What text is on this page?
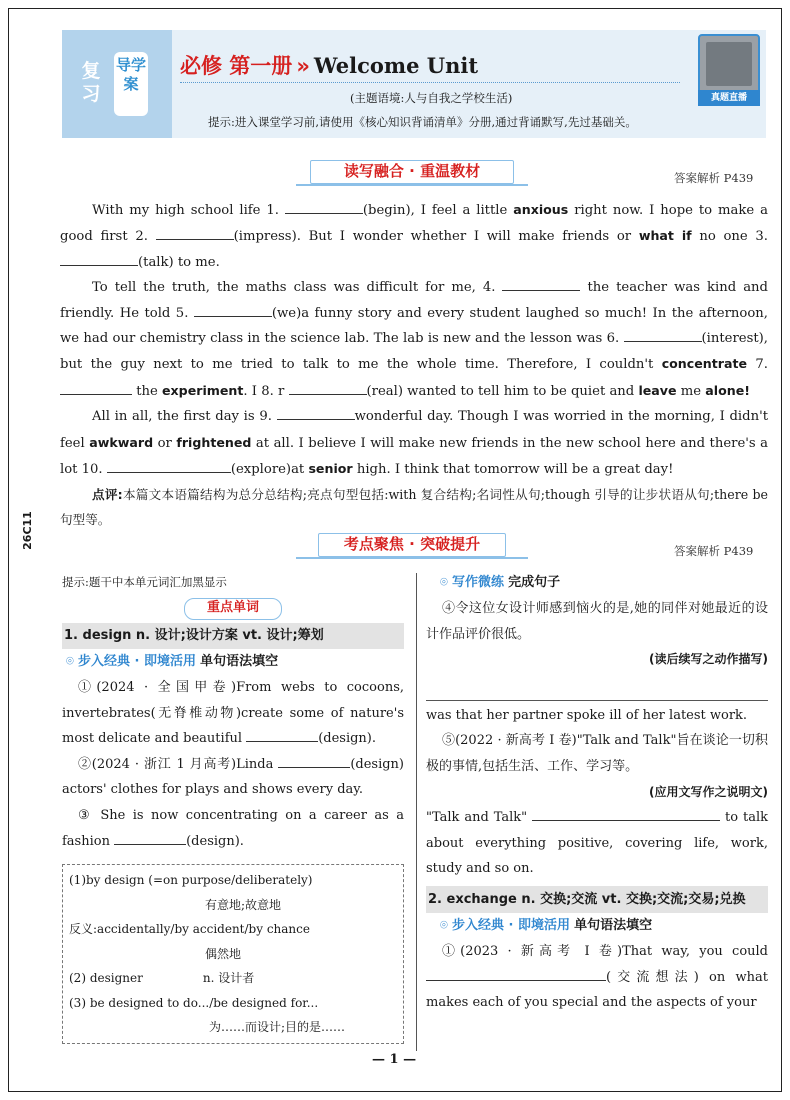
复习
导学案
必修 第一册 » Welcome Unit
(主题语境:人与自我之学校生活)
提示:进入课堂学习前,请使用《核心知识背诵清单》分册,通过背诵默写,先过基础关。
真题直播
读写融合 · 重温教材	答案解析 P439

With my high school life 1.	(begin), I feel a little anxious right now. I hope to make a good first 2.	(impress). But I wonder whether I will make friends or what if no one 3. (talk) to me.

To tell the truth, the maths class was difficult for me, 4.	the teacher was kind and friendly. He told 5.	(we)a funny story and every student laughed so much! In the afternoon, we had our chemistry class in the science lab. The lab is new and the lesson was 6.	(interest), but the guy next to me tried to talk to me the whole time. Therefore, I couldn't concentrate 7.  the experiment. I 8. r	(real) wanted to tell him to be quiet and leave me alone!

All in all, the first day is 9.	wonderful day. Though I was worried in the morning, I didn't feel awkward or frightened at all. I believe I will make new friends in the new school here and there's a lot 10.	(explore)at senior high. I think that tomorrow will be a great day!

点评:本篇文本语篇结构为总分总结构;亮点句型包括:with 复合结构;名词性从句;though 引导的让步状语从句;there be 句型等。

26C11	考点聚焦 · 突破提升	答案解析 P439
提示:题干中本单元词汇加黑显示
重点单词
1. design n. 设计;设计方案 vt. 设计;筹划
⌾ 步入经典 · 即境活用 单句语法填空
①(2024 · 全国甲卷)From webs to cocoons, invertebrates(无脊椎动物)create some of nature's most delicate and beautiful	(design).
②(2024 · 浙江 1 月高考)Linda	(design) actors' clothes for plays and shows every day.
③ She is now concentrating on a career as a fashion	(design).
(1)by design (=on purpose/deliberately)
有意地;故意地
反义:accidentally/by accident/by chance
偶然地
(2) designer	n. 设计者
(3) be designed to do.../be designed for...
为……而设计;目的是……
⌾ 写作微练 完成句子
④令这位女设计师感到恼火的是,她的同伴对她最近的设计作品评价很低。
(读后续写之动作描写)
was that her partner spoke ill of her latest work.
⑤(2022 · 新高考 I 卷)"Talk and Talk"旨在谈论一切积极的事情,包括生活、工作、学习等。
(应用文写作之说明文)
"Talk and Talk"	to talk about everything positive, covering life, work, study and so on.
2. exchange n. 交换;交流 vt. 交换;交流;交易;兑换
⌾ 步入经典 · 即境活用 单句语法填空
①(2023 · 新高考 I 卷)That way, you could (交流想法) on what makes each of you special and the aspects of your
— 1 —
